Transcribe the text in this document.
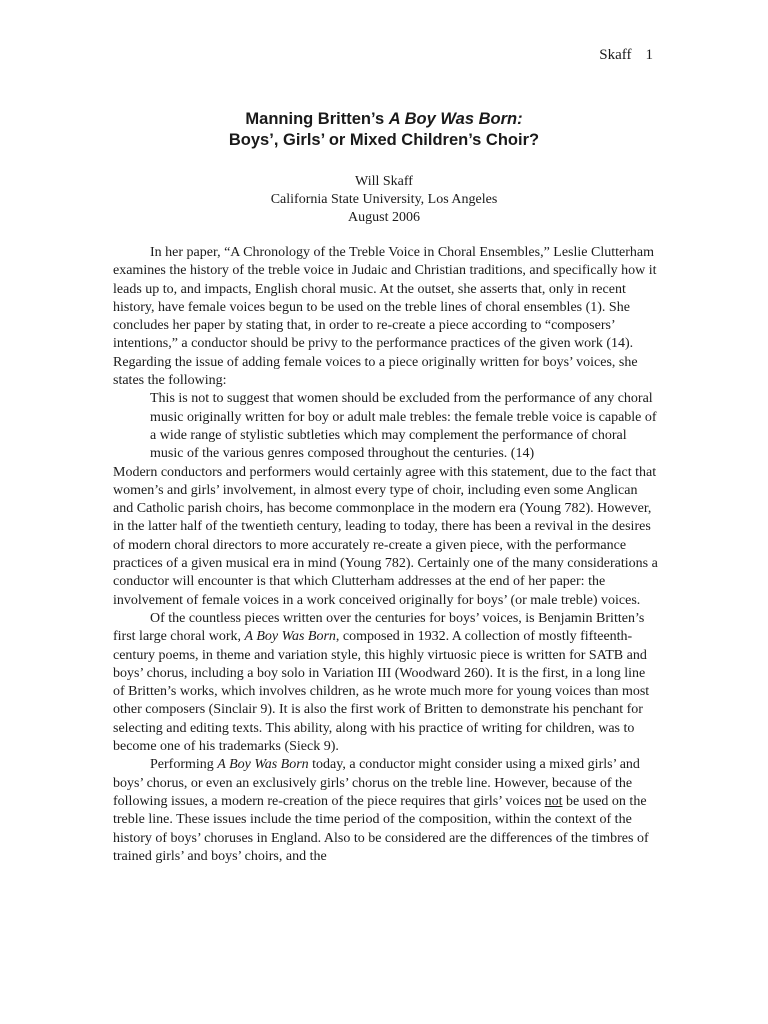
Skaff 1
Manning Britten’s A Boy Was Born:
Boys’, Girls’ or Mixed Children’s Choir?
Will Skaff
California State University, Los Angeles
August 2006

In her paper, “A Chronology of the Treble Voice in Choral Ensembles,” Leslie Clutterham examines the history of the treble voice in Judaic and Christian traditions, and specifically how it leads up to, and impacts, English choral music. At the outset, she asserts that, only in recent history, have female voices begun to be used on the treble lines of choral ensembles (1). She concludes her paper by stating that, in order to re-create a piece according to “composers’ intentions,” a conductor should be privy to the performance practices of the given work (14). Regarding the issue of adding female voices to a piece originally written for boys’ voices, she states the following:

This is not to suggest that women should be excluded from the performance of any choral music originally written for boy or adult male trebles: the female treble voice is capable of a wide range of stylistic subtleties which may complement the performance of choral music of the various genres composed throughout the centuries. (14)

Modern conductors and performers would certainly agree with this statement, due to the fact that women’s and girls’ involvement, in almost every type of choir, including even some Anglican and Catholic parish choirs, has become commonplace in the modern era (Young 782). However, in the latter half of the twentieth century, leading to today, there has been a revival in the desires of modern choral directors to more accurately re-create a given piece, with the performance practices of a given musical era in mind (Young 782). Certainly one of the many considerations a conductor will encounter is that which Clutterham addresses at the end of her paper: the involvement of female voices in a work conceived originally for boys’ (or male treble) voices.

Of the countless pieces written over the centuries for boys’ voices, is Benjamin Britten’s first large choral work, A Boy Was Born, composed in 1932. A collection of mostly fifteenth-century poems, in theme and variation style, this highly virtuosic piece is written for SATB and boys’ chorus, including a boy solo in Variation III (Woodward 260). It is the first, in a long line of Britten’s works, which involves children, as he wrote much more for young voices than most other composers (Sinclair 9). It is also the first work of Britten to demonstrate his penchant for selecting and editing texts. This ability, along with his practice of writing for children, was to become one of his trademarks (Sieck 9).

Performing A Boy Was Born today, a conductor might consider using a mixed girls’ and boys’ chorus, or even an exclusively girls’ chorus on the treble line. However, because of the following issues, a modern re-creation of the piece requires that girls’ voices not be used on the treble line. These issues include the time period of the composition, within the context of the history of boys’ choruses in England. Also to be considered are the differences of the timbres of trained girls’ and boys’ choirs, and the
